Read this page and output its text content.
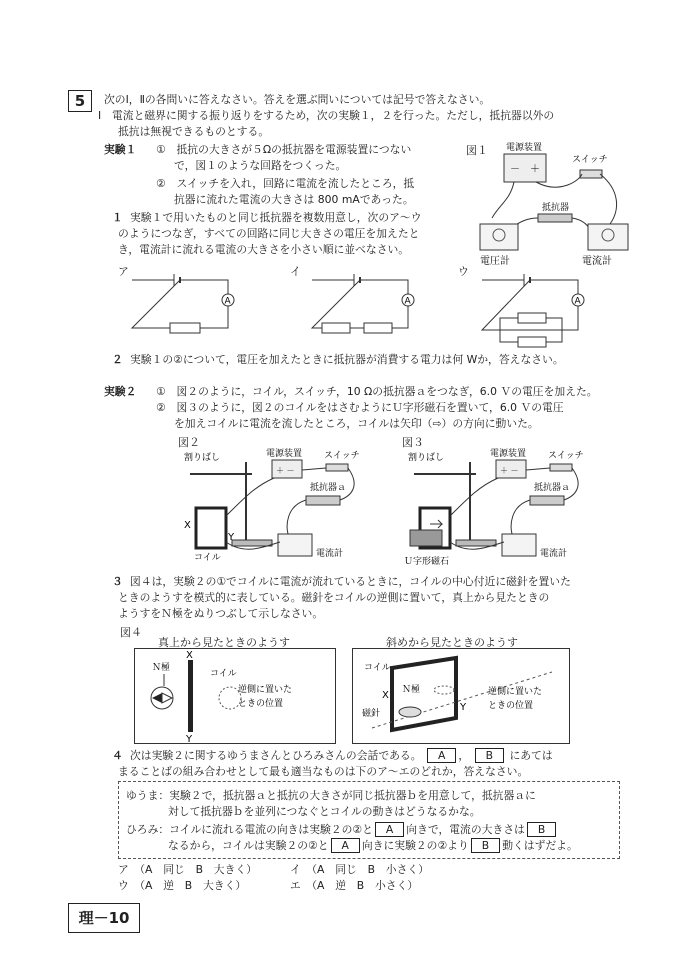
5	次のⅠ，Ⅱの各問いに答えなさい。答えを選ぶ問いについては記号で答えなさい。
Ⅰ　電流と磁界に関する振り返りをするため，次の実験１，２を行った。ただし，抵抗器以外の
抵抗は無視できるものとする。
実験１ ①　抵抗の大きさが５Ωの抵抗器を電源装置につない
で，図１のような回路をつくった。
②　スイッチを入れ，回路に電流を流したところ，抵
抗器に流れた電流の大きさは 800 mAであった。
図１ 電源装置
－ ＋
スイッチ
抵抗器
電圧計	電流計
１ 実験１で用いたものと同じ抵抗器を複数用意し，次のア～ウ
のようにつなぎ，すべての回路に同じ大きさの電圧を加えたと
き，電流計に流れる電流の大きさを小さい順に並べなさい。
ア	イ	ウ
A	A	A
２ 実験１の②について，電圧を加えたときに抵抗器が消費する電力は何 Wか，答えなさい。
実験２ ①　図２のように，コイル，スイッチ，10 Ωの抵抗器ａをつなぎ，6.0 Ｖの電圧を加えた。
②　図３のように，図２のコイルをはさむようにＵ字形磁石を置いて，6.0 Ｖの電圧
を加えコイルに電流を流したところ，コイルは矢印（⇨）の方向に動いた。
図２
割りばし
X
Y
コイル
電源装置
＋ －
スイッチ
抵抗器ａ
電流計
図３
割りばし
Ｕ字形磁石
電源装置
＋ －
スイッチ
抵抗器ａ
電流計
３ 図４は，実験２の①でコイルに電流が流れているときに，コイルの中心付近に磁針を置いた
ときのようすを模式的に表している。磁針をコイルの逆側に置いて，真上から見たときの
ようすをＮ極をぬりつぶして示しなさい。
図４
真上から見たときのようす	斜めから見たときのようす
X
Y
Ｎ極
コイル
逆側に置いた
ときの位置
コイル
X
Y
Ｎ極
磁針
逆側に置いた
ときの位置
４ 次は実験２に関するゆうまさんとひろみさんの会話である。 A ， B にあては
まることばの組み合わせとして最も適当なものは下のア～エのどれか，答えなさい。
ゆうま：実験２で，抵抗器ａと抵抗の大きさが同じ抵抗器ｂを用意して，抵抗器ａに
対して抵抗器ｂを並列につなぐとコイルの動きはどうなるかな。
ひろみ：コイルに流れる電流の向きは実験２の②と A 向きで，電流の大きさは B
なるから，コイルは実験２の②と A 向きに実験２の②より B 動くはずだよ。
ア　 （A　 同じ　 B　 大きく）	イ　 （A　 同じ　 B　 小さく）
ウ　 （A　 逆　 B　 大きく）	エ　 （A　 逆　 B　 小さく）
理－10
